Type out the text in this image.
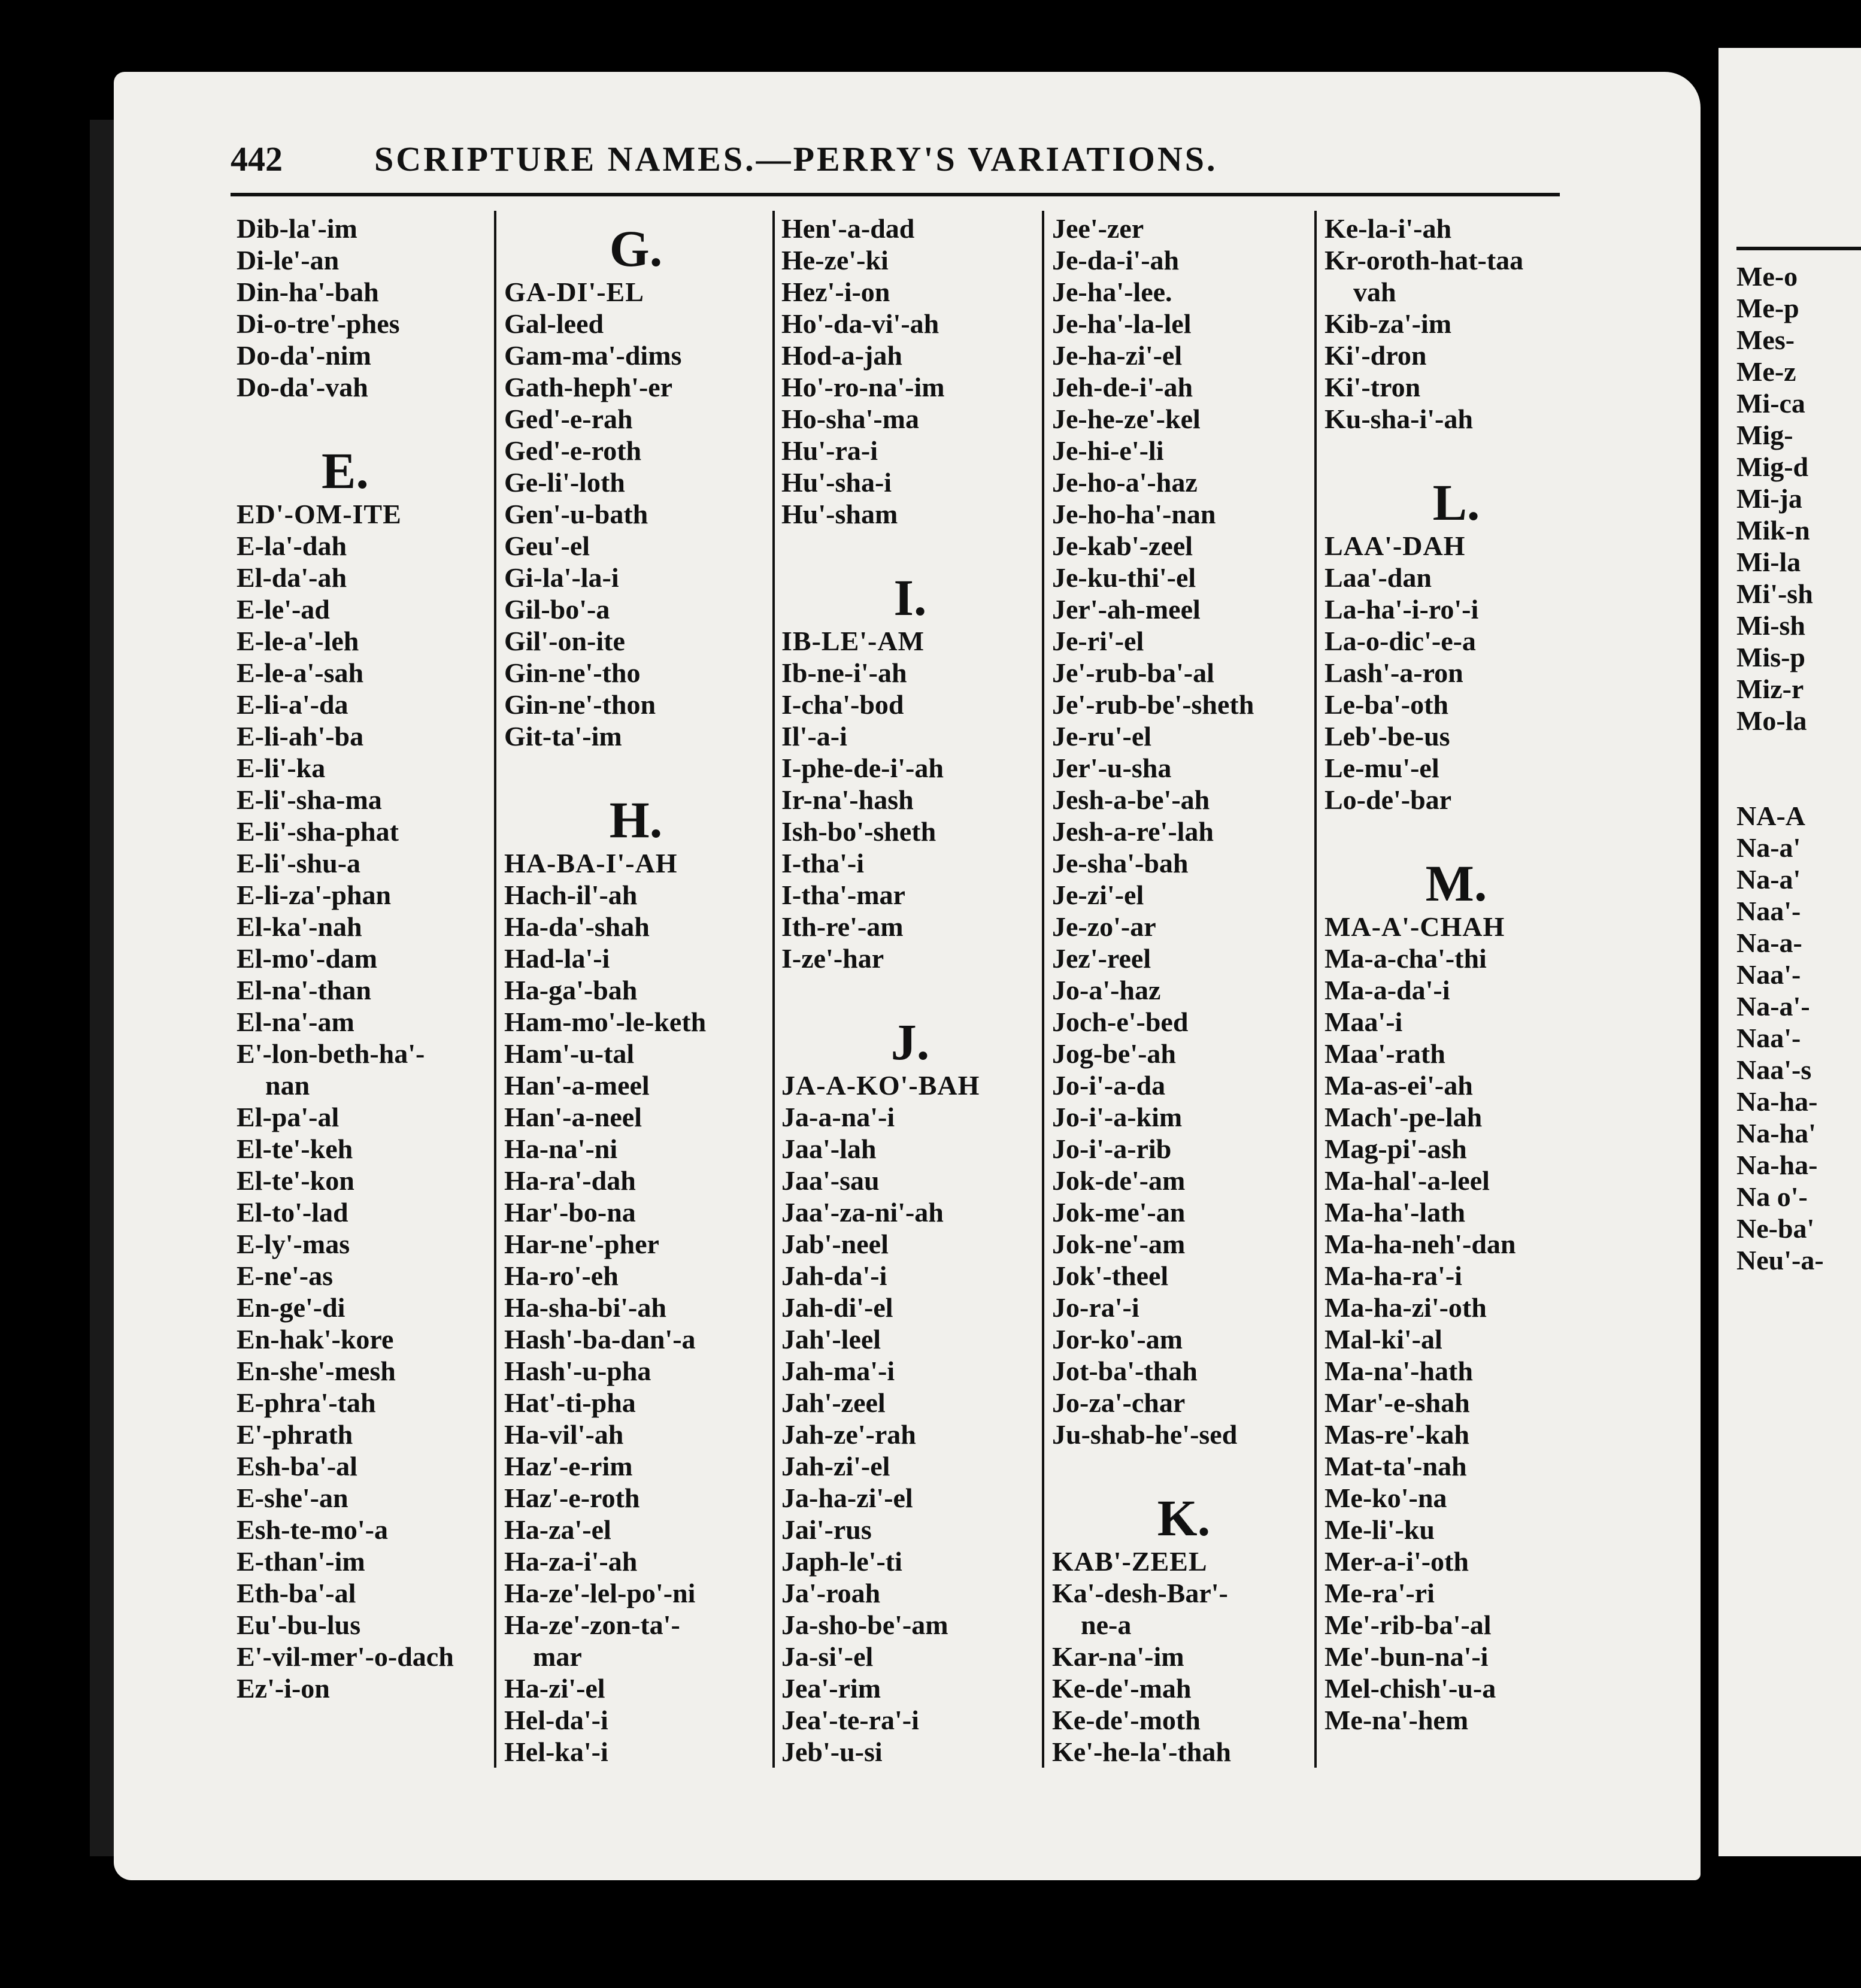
Me-o
Me-p
Mes-
Me-z
Mi-ca
Mig-
Mig-d
Mi-ja
Mik-n
Mi-la
Mi'-sh
Mi-sh
Mis-p
Miz-r
Mo-la
NA-A
Na-a'
Na-a'
Naa'-
Na-a-
Naa'-
Na-a'-
Naa'-
Naa'-s
Na-ha-
Na-ha'
Na-ha-
Na o'-
Ne-ba'
Neu'-a-
442	SCRIPTURE NAMES.—PERRY'S VARIATIONS.
Dib-la'-im
Di-le'-an
Din-ha'-bah
Di-o-tre'-phes
Do-da'-nim
Do-da'-vah
E.
ED'-OM-ITE
E-la'-dah
El-da'-ah
E-le'-ad
E-le-a'-leh
E-le-a'-sah
E-li-a'-da
E-li-ah'-ba
E-li'-ka
E-li'-sha-ma
E-li'-sha-phat
E-li'-shu-a
E-li-za'-phan
El-ka'-nah
El-mo'-dam
El-na'-than
El-na'-am
E'-lon-beth-ha'-
nan
El-pa'-al
El-te'-keh
El-te'-kon
El-to'-lad
E-ly'-mas
E-ne'-as
En-ge'-di
En-hak'-kore
En-she'-mesh
E-phra'-tah
E'-phrath
Esh-ba'-al
E-she'-an
Esh-te-mo'-a
E-than'-im
Eth-ba'-al
Eu'-bu-lus
E'-vil-mer'-o-dach
Ez'-i-on
G.
GA-DI'-EL
Gal-leed
Gam-ma'-dims
Gath-heph'-er
Ged'-e-rah
Ged'-e-roth
Ge-li'-loth
Gen'-u-bath
Geu'-el
Gi-la'-la-i
Gil-bo'-a
Gil'-on-ite
Gin-ne'-tho
Gin-ne'-thon
Git-ta'-im
H.
HA-BA-I'-AH
Hach-il'-ah
Ha-da'-shah
Had-la'-i
Ha-ga'-bah
Ham-mo'-le-keth
Ham'-u-tal
Han'-a-meel
Han'-a-neel
Ha-na'-ni
Ha-ra'-dah
Har'-bo-na
Har-ne'-pher
Ha-ro'-eh
Ha-sha-bi'-ah
Hash'-ba-dan'-a
Hash'-u-pha
Hat'-ti-pha
Ha-vil'-ah
Haz'-e-rim
Haz'-e-roth
Ha-za'-el
Ha-za-i'-ah
Ha-ze'-lel-po'-ni
Ha-ze'-zon-ta'-
mar
Ha-zi'-el
Hel-da'-i
Hel-ka'-i
Hen'-a-dad
He-ze'-ki
Hez'-i-on
Ho'-da-vi'-ah
Hod-a-jah
Ho'-ro-na'-im
Ho-sha'-ma
Hu'-ra-i
Hu'-sha-i
Hu'-sham
I.
IB-LE'-AM
Ib-ne-i'-ah
I-cha'-bod
Il'-a-i
I-phe-de-i'-ah
Ir-na'-hash
Ish-bo'-sheth
I-tha'-i
I-tha'-mar
Ith-re'-am
I-ze'-har
J.
JA-A-KO'-BAH
Ja-a-na'-i
Jaa'-lah
Jaa'-sau
Jaa'-za-ni'-ah
Jab'-neel
Jah-da'-i
Jah-di'-el
Jah'-leel
Jah-ma'-i
Jah'-zeel
Jah-ze'-rah
Jah-zi'-el
Ja-ha-zi'-el
Jai'-rus
Japh-le'-ti
Ja'-roah
Ja-sho-be'-am
Ja-si'-el
Jea'-rim
Jea'-te-ra'-i
Jeb'-u-si
Jee'-zer
Je-da-i'-ah
Je-ha'-lee.
Je-ha'-la-lel
Je-ha-zi'-el
Jeh-de-i'-ah
Je-he-ze'-kel
Je-hi-e'-li
Je-ho-a'-haz
Je-ho-ha'-nan
Je-kab'-zeel
Je-ku-thi'-el
Jer'-ah-meel
Je-ri'-el
Je'-rub-ba'-al
Je'-rub-be'-sheth
Je-ru'-el
Jer'-u-sha
Jesh-a-be'-ah
Jesh-a-re'-lah
Je-sha'-bah
Je-zi'-el
Je-zo'-ar
Jez'-reel
Jo-a'-haz
Joch-e'-bed
Jog-be'-ah
Jo-i'-a-da
Jo-i'-a-kim
Jo-i'-a-rib
Jok-de'-am
Jok-me'-an
Jok-ne'-am
Jok'-theel
Jo-ra'-i
Jor-ko'-am
Jot-ba'-thah
Jo-za'-char
Ju-shab-he'-sed
K.
KAB'-ZEEL
Ka'-desh-Bar'-
ne-a
Kar-na'-im
Ke-de'-mah
Ke-de'-moth
Ke'-he-la'-thah
Ke-la-i'-ah
Kr-oroth-hat-taa
vah
Kib-za'-im
Ki'-dron
Ki'-tron
Ku-sha-i'-ah
L.
LAA'-DAH
Laa'-dan
La-ha'-i-ro'-i
La-o-dic'-e-a
Lash'-a-ron
Le-ba'-oth
Leb'-be-us
Le-mu'-el
Lo-de'-bar
M.
MA-A'-CHAH
Ma-a-cha'-thi
Ma-a-da'-i
Maa'-i
Maa'-rath
Ma-as-ei'-ah
Mach'-pe-lah
Mag-pi'-ash
Ma-hal'-a-leel
Ma-ha'-lath
Ma-ha-neh'-dan
Ma-ha-ra'-i
Ma-ha-zi'-oth
Mal-ki'-al
Ma-na'-hath
Mar'-e-shah
Mas-re'-kah
Mat-ta'-nah
Me-ko'-na
Me-li'-ku
Mer-a-i'-oth
Me-ra'-ri
Me'-rib-ba'-al
Me'-bun-na'-i
Mel-chish'-u-a
Me-na'-hem
